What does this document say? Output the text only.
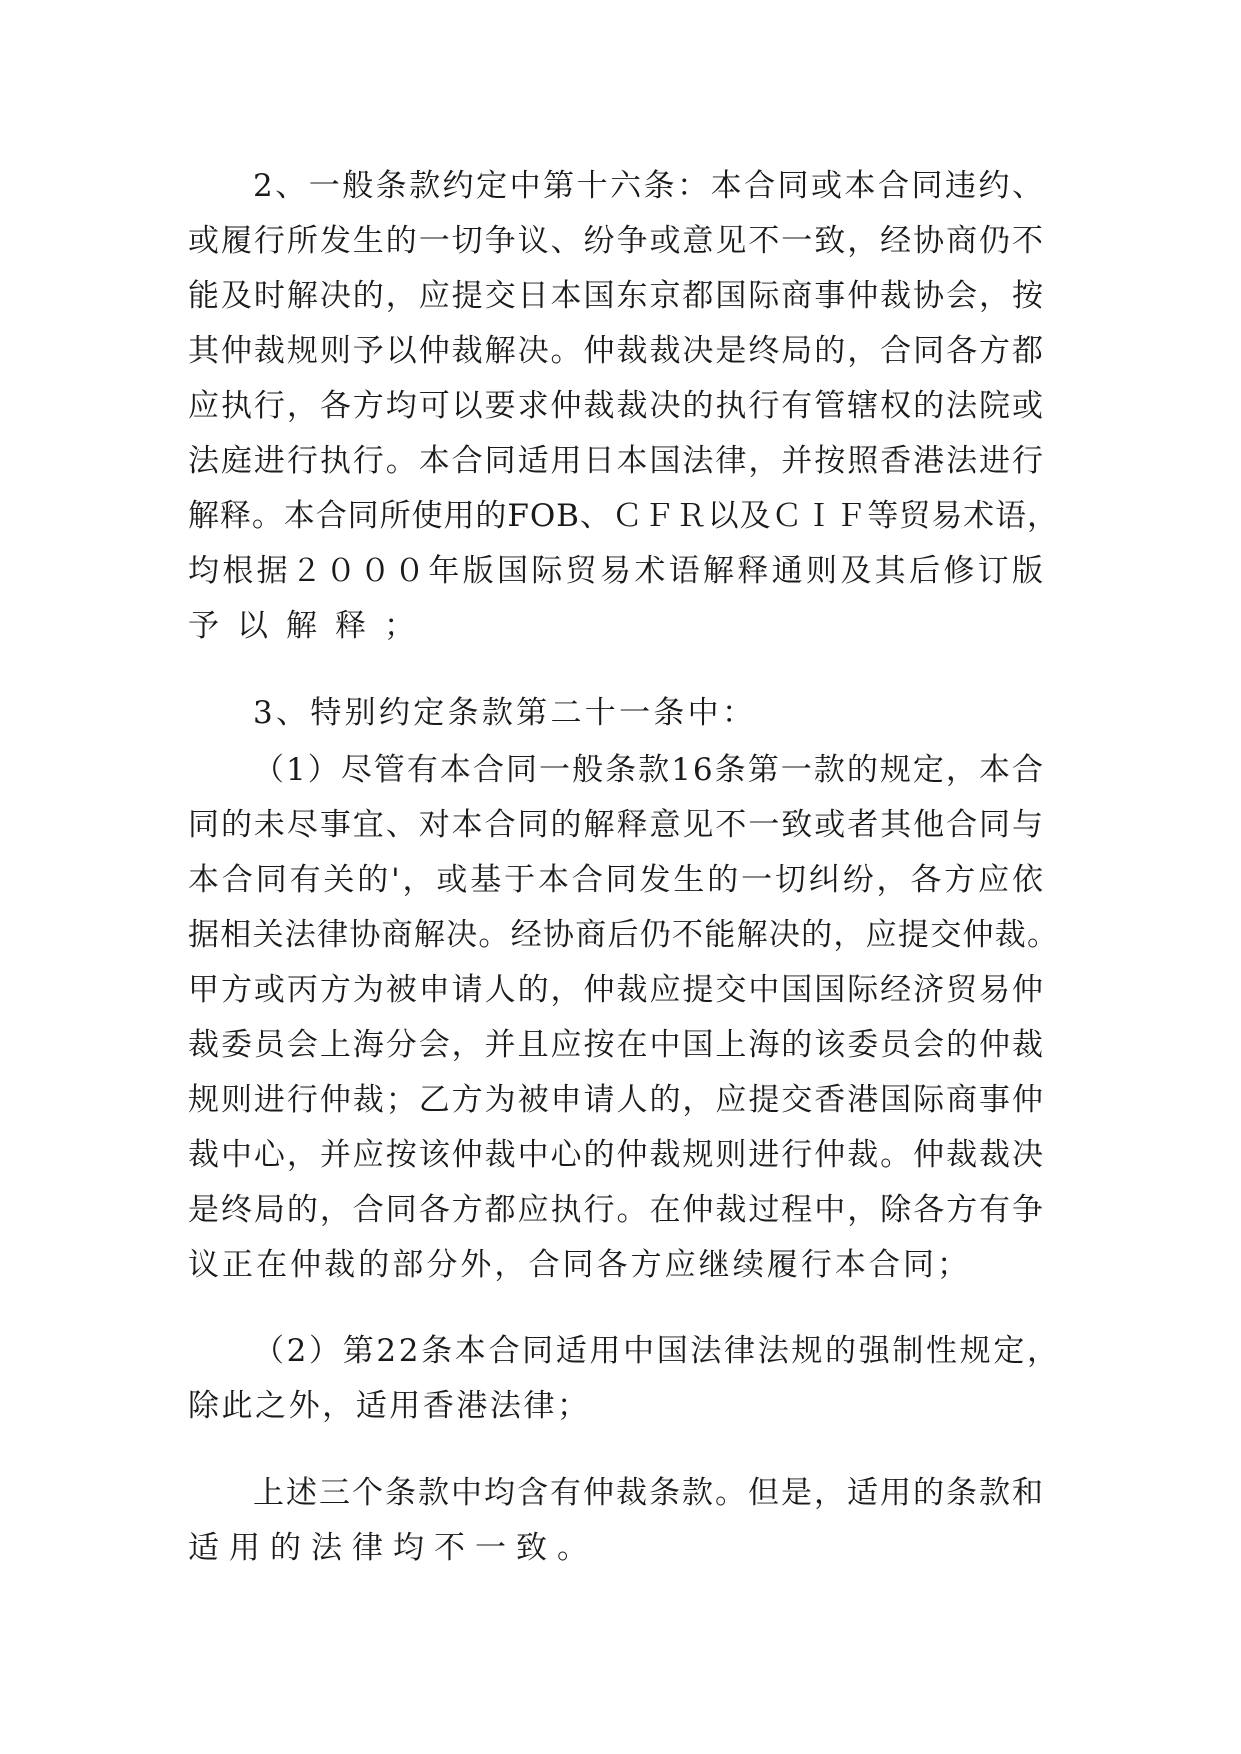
2、一般条款约定中第十六条：本合同或本合同违约、
或履行所发生的一切争议、纷争或意见不一致，经协商仍不
能及时解决的，应提交日本国东京都国际商事仲裁协会，按
其仲裁规则予以仲裁解决。仲裁裁决是终局的，合同各方都
应执行，各方均可以要求仲裁裁决的执行有管辖权的法院或
法庭进行执行。本合同适用日本国法律，并按照香港法进行
解释。本合同所使用的FOB、ＣＦＲ以及ＣＩＦ等贸易术语，
均根据２０００年版国际贸易术语解释通则及其后修订版
予以解释；
3、特别约定条款第二十一条中：
（1）尽管有本合同一般条款16条第一款的规定，本合
同的未尽事宜、对本合同的解释意见不一致或者其他合同与
本合同有关的'，或基于本合同发生的一切纠纷，各方应依
据相关法律协商解决。经协商后仍不能解决的，应提交仲裁。
甲方或丙方为被申请人的，仲裁应提交中国国际经济贸易仲
裁委员会上海分会，并且应按在中国上海的该委员会的仲裁
规则进行仲裁；乙方为被申请人的，应提交香港国际商事仲
裁中心，并应按该仲裁中心的仲裁规则进行仲裁。仲裁裁决
是终局的，合同各方都应执行。在仲裁过程中，除各方有争
议正在仲裁的部分外，合同各方应继续履行本合同；
（2）第22条本合同适用中国法律法规的强制性规定，
除此之外，适用香港法律；
上述三个条款中均含有仲裁条款。但是，适用的条款和
适用的法律均不一致。
